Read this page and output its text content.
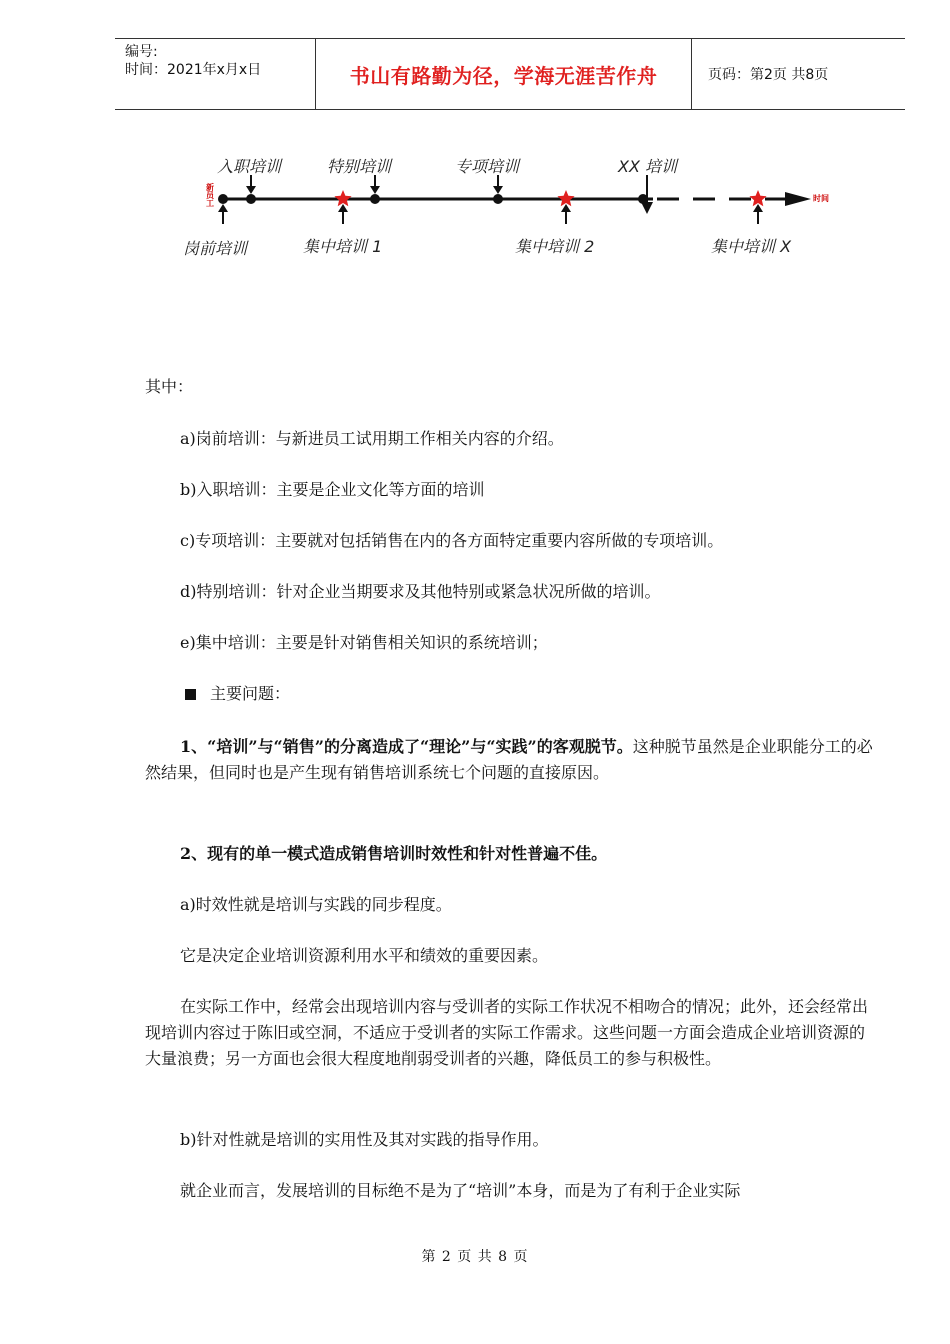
编号:
时间：2021年x月x日	书山有路勤为径，学海无涯苦作舟	页码：第2页 共8页
入职培训	特别培训	专项培训	XX 培训
岗前培训	集中培训 1	集中培训 2	集中培训 X
新员工
时间
其中：
a)岗前培训：与新进员工试用期工作相关内容的介绍。
b)入职培训：主要是企业文化等方面的培训
c)专项培训：主要就对包括销售在内的各方面特定重要内容所做的专项培训。
d)特别培训：针对企业当期要求及其他特别或紧急状况所做的培训。
e)集中培训：主要是针对销售相关知识的系统培训；
主要问题：
1、“培训”与“销售”的分离造成了“理论”与“实践”的客观脱节。这种脱节虽然是企业职能分工的必然结果，但同时也是产生现有销售培训系统七个问题的直接原因。
2、现有的单一模式造成销售培训时效性和针对性普遍不佳。
a)时效性就是培训与实践的同步程度。
它是决定企业培训资源利用水平和绩效的重要因素。
在实际工作中，经常会出现培训内容与受训者的实际工作状况不相吻合的情况；此外，还会经常出现培训内容过于陈旧或空洞，不适应于受训者的实际工作需求。这些问题一方面会造成企业培训资源的大量浪费；另一方面也会很大程度地削弱受训者的兴趣，降低员工的参与积极性。
b)针对性就是培训的实用性及其对实践的指导作用。
就企业而言，发展培训的目标绝不是为了“培训”本身，而是为了有利于企业实际
第 2 页 共 8 页
